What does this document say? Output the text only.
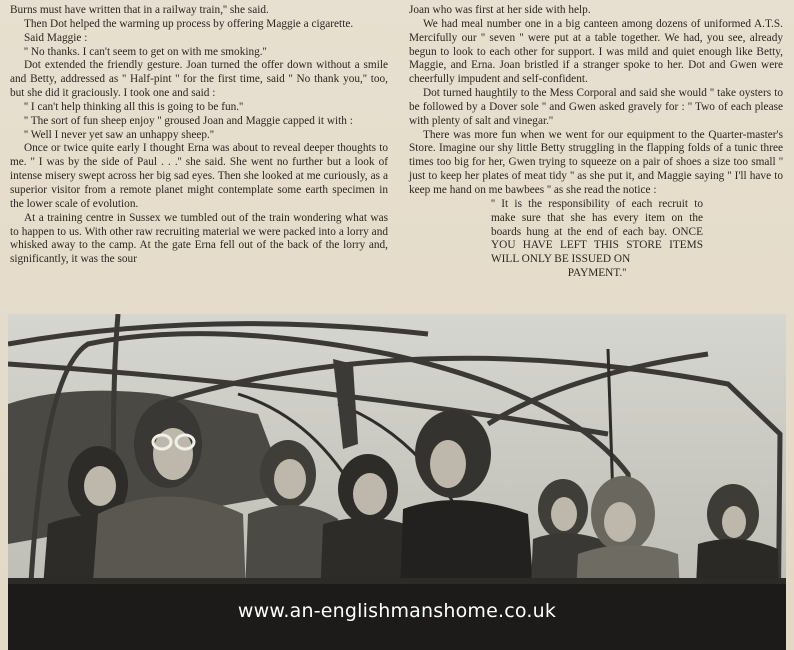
Burns must have written that in a railway train,'' she said.

Then Dot helped the warming up process by offering Maggie a cigarette.

Said Maggie :

'' No thanks. I can't seem to get on with me smoking.''

Dot extended the friendly gesture. Joan turned the offer down without a smile and Betty, addressed as '' Half-pint '' for the first time, said '' No thank you,'' too, but she did it graciously. I took one and said :

'' I can't help thinking all this is going to be fun.''

'' The sort of fun sheep enjoy '' groused Joan and Maggie capped it with :

'' Well I never yet saw an unhappy sheep.''

Once or twice quite early I thought Erna was about to reveal deeper thoughts to me. '' I was by the side of Paul . . .'' she said. She went no further but a look of intense misery swept across her big sad eyes. Then she looked at me curiously, as a superior visitor from a remote planet might contemplate some earth specimen in the lower scale of evolution.

At a training centre in Sussex we tumbled out of the train wondering what was to happen to us. With other raw recruiting material we were packed into a lorry and whisked away to the camp. At the gate Erna fell out of the back of the lorry and, significantly, it was the sour

Joan who was first at her side with help.

We had meal number one in a big canteen among dozens of uniformed A.T.S. Mercifully our '' seven '' were put at a table together. We had, you see, already begun to look to each other for support. I was mild and quiet enough like Betty, Maggie, and Erna. Joan bristled if a stranger spoke to her. Dot and Gwen were cheerfully impudent and self-confident.

Dot turned haughtily to the Mess Corporal and said she would '' take oysters to be followed by a Dover sole '' and Gwen asked gravely for : '' Two of each please with plenty of salt and vinegar.''

There was more fun when we went for our equipment to the Quarter-master's Store. Imagine our shy little Betty struggling in the flapping folds of a tunic three times too big for her, Gwen trying to squeeze on a pair of shoes a size too small '' just to keep her plates of meat tidy '' as she put it, and Maggie saying '' I'll have to keep me hand on me bawbees '' as she read the notice :

'' It is the responsibility of each recruit to make sure that she has every item on the boards hung at the end of each bay. ONCE YOU HAVE LEFT THIS STORE ITEMS WILL ONLY BE ISSUED ON

PAYMENT.''

www.an-englishmanshome.co.uk
